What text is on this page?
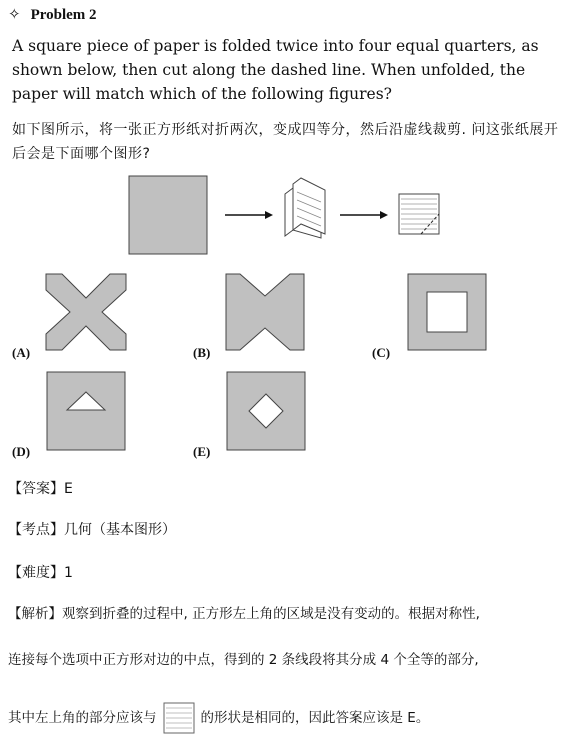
✧ Problem 2
A square piece of paper is folded twice into four equal quarters, as shown below, then cut along the dashed line. When unfolded, the paper will match which of the following figures?
如下图所示，将一张正方形纸对折两次，变成四等分，然后沿虚线裁剪. 问这张纸展开后会是下面哪个图形?
(A)	(B)	(C)
(D)	(E)
【答案】E
【考点】几何（基本图形）
【难度】1
【解析】观察到折叠的过程中, 正方形左上角的区域是没有变动的。根据对称性,
连接每个选项中正方形对边的中点，得到的 2 条线段将其分成 4 个全等的部分,
其中左上角的部分应该与	的形状是相同的，因此答案应该是 E。
